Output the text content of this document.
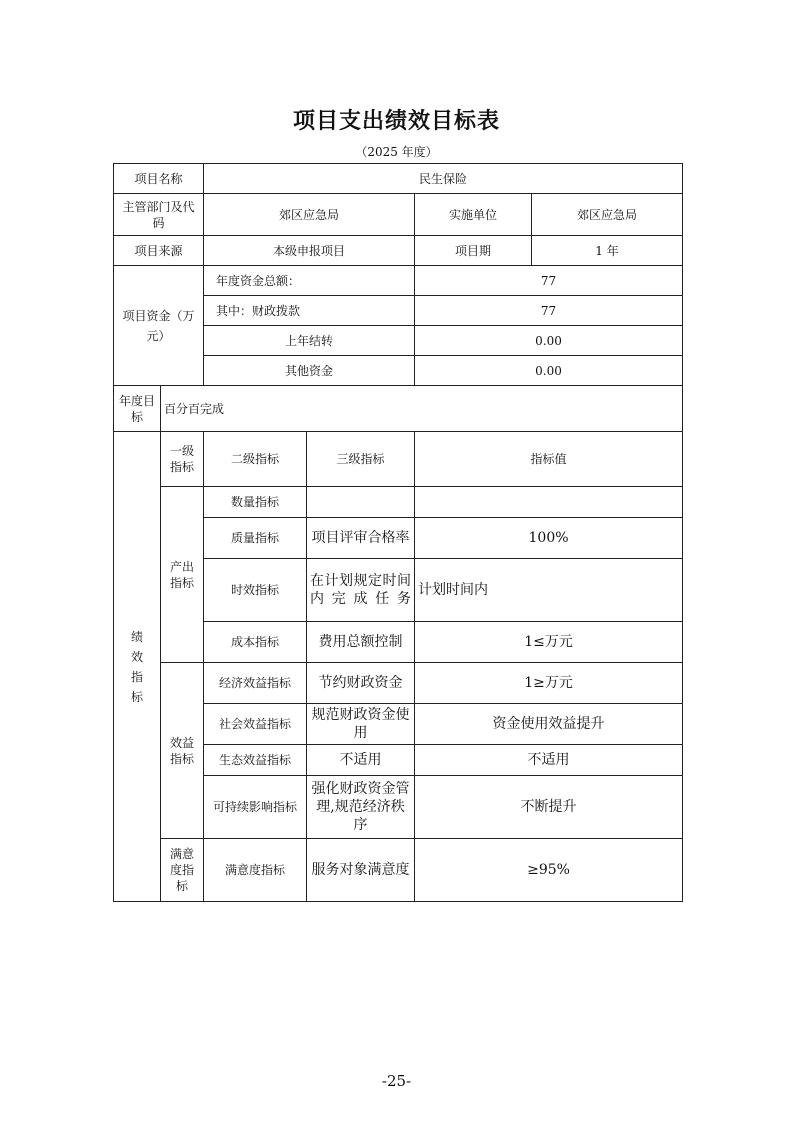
项目支出绩效目标表
（2025 年度）
项目名称		民生保险			
主管部门及代码		郊区应急局		实施单位	郊区应急局
项目来源		本级申报项目		项目期	1 年
项目资金（万元）		年度资金总额：		77	
		其中：财政拨款		77	
		上年结转		0.00	
		其他资金		0.00	
年度目标	百分百完成				

绩效指标	一级指标	二级指标	三级指标	指标值	

	产出指标	数量指标			
		质量指标	项目评审合格率	100%	
		时效指标	在计划规定时间内完成任务	计划时间内	
		成本指标	费用总额控制	1≤万元	

	效益指标	经济效益指标	节约财政资金	1≥万元	
		社会效益指标	规范财政资金使用	资金使用效益提升	
		生态效益指标	不适用	不适用	

		可持续影响指标	强化财政资金管理,规范经济秩序	不断提升	

	满意度指标	满意度指标	服务对象满意度	≥95%	
-25-
